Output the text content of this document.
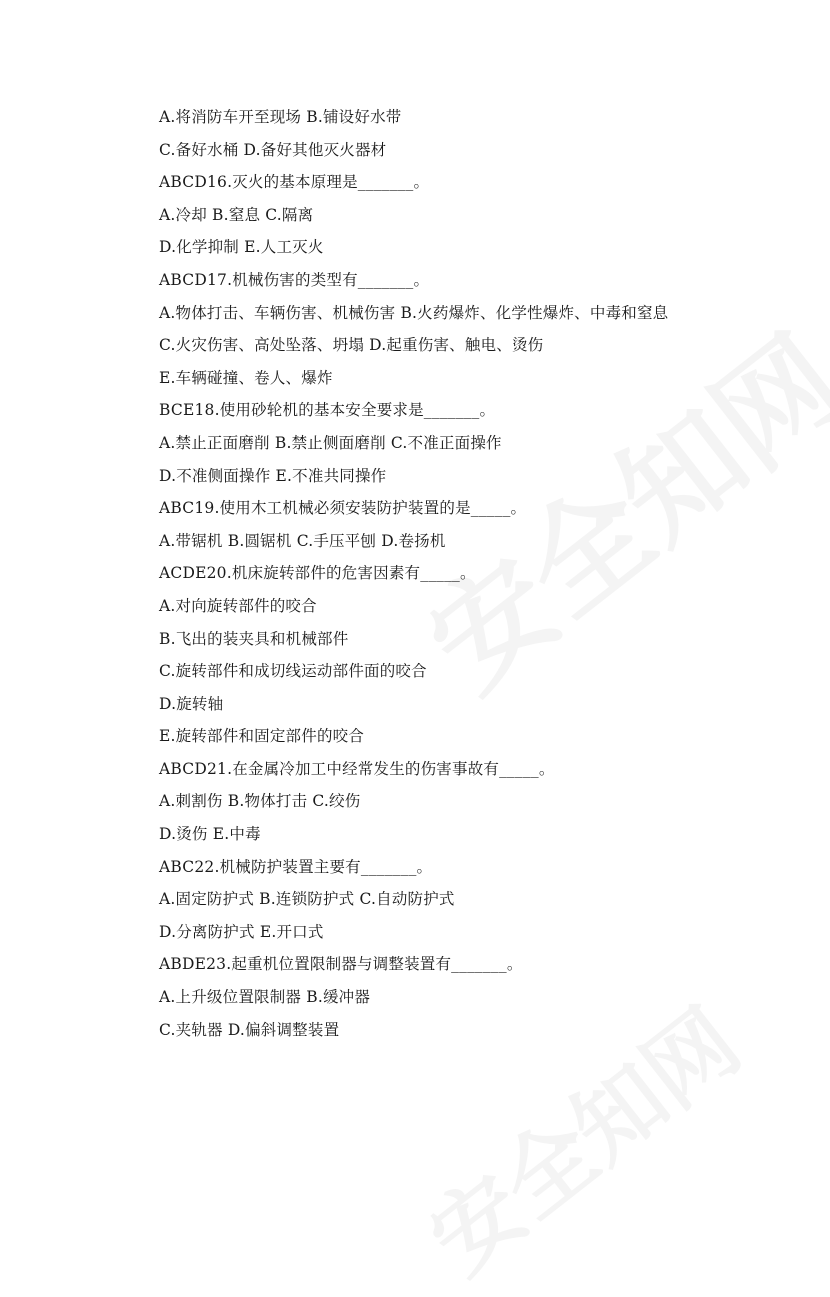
A.将消防车开至现场 B.铺设好水带
C.备好水桶 D.备好其他灭火器材
ABCD16.灭火的基本原理是_______。
A.冷却 B.窒息 C.隔离
D.化学抑制 E.人工灭火
ABCD17.机械伤害的类型有_______。
A.物体打击、车辆伤害、机械伤害 B.火药爆炸、化学性爆炸、中毒和窒息
C.火灾伤害、高处坠落、坍塌 D.起重伤害、触电、烫伤
E.车辆碰撞、卷人、爆炸
BCE18.使用砂轮机的基本安全要求是_______。
A.禁止正面磨削 B.禁止侧面磨削 C.不准正面操作
D.不准侧面操作 E.不准共同操作
ABC19.使用木工机械必须安装防护装置的是_____。
A.带锯机 B.圆锯机 C.手压平刨 D.卷扬机
ACDE20.机床旋转部件的危害因素有_____。
A.对向旋转部件的咬合
B.飞出的装夹具和机械部件
C.旋转部件和成切线运动部件面的咬合
D.旋转轴
E.旋转部件和固定部件的咬合
ABCD21.在金属冷加工中经常发生的伤害事故有_____。
A.刺割伤 B.物体打击 C.绞伤
D.烫伤 E.中毒
ABC22.机械防护装置主要有_______。
A.固定防护式 B.连锁防护式 C.自动防护式
D.分离防护式 E.开口式
ABDE23.起重机位置限制器与调整装置有_______。
A.上升级位置限制器 B.缓冲器
C.夹轨器 D.偏斜调整装置
